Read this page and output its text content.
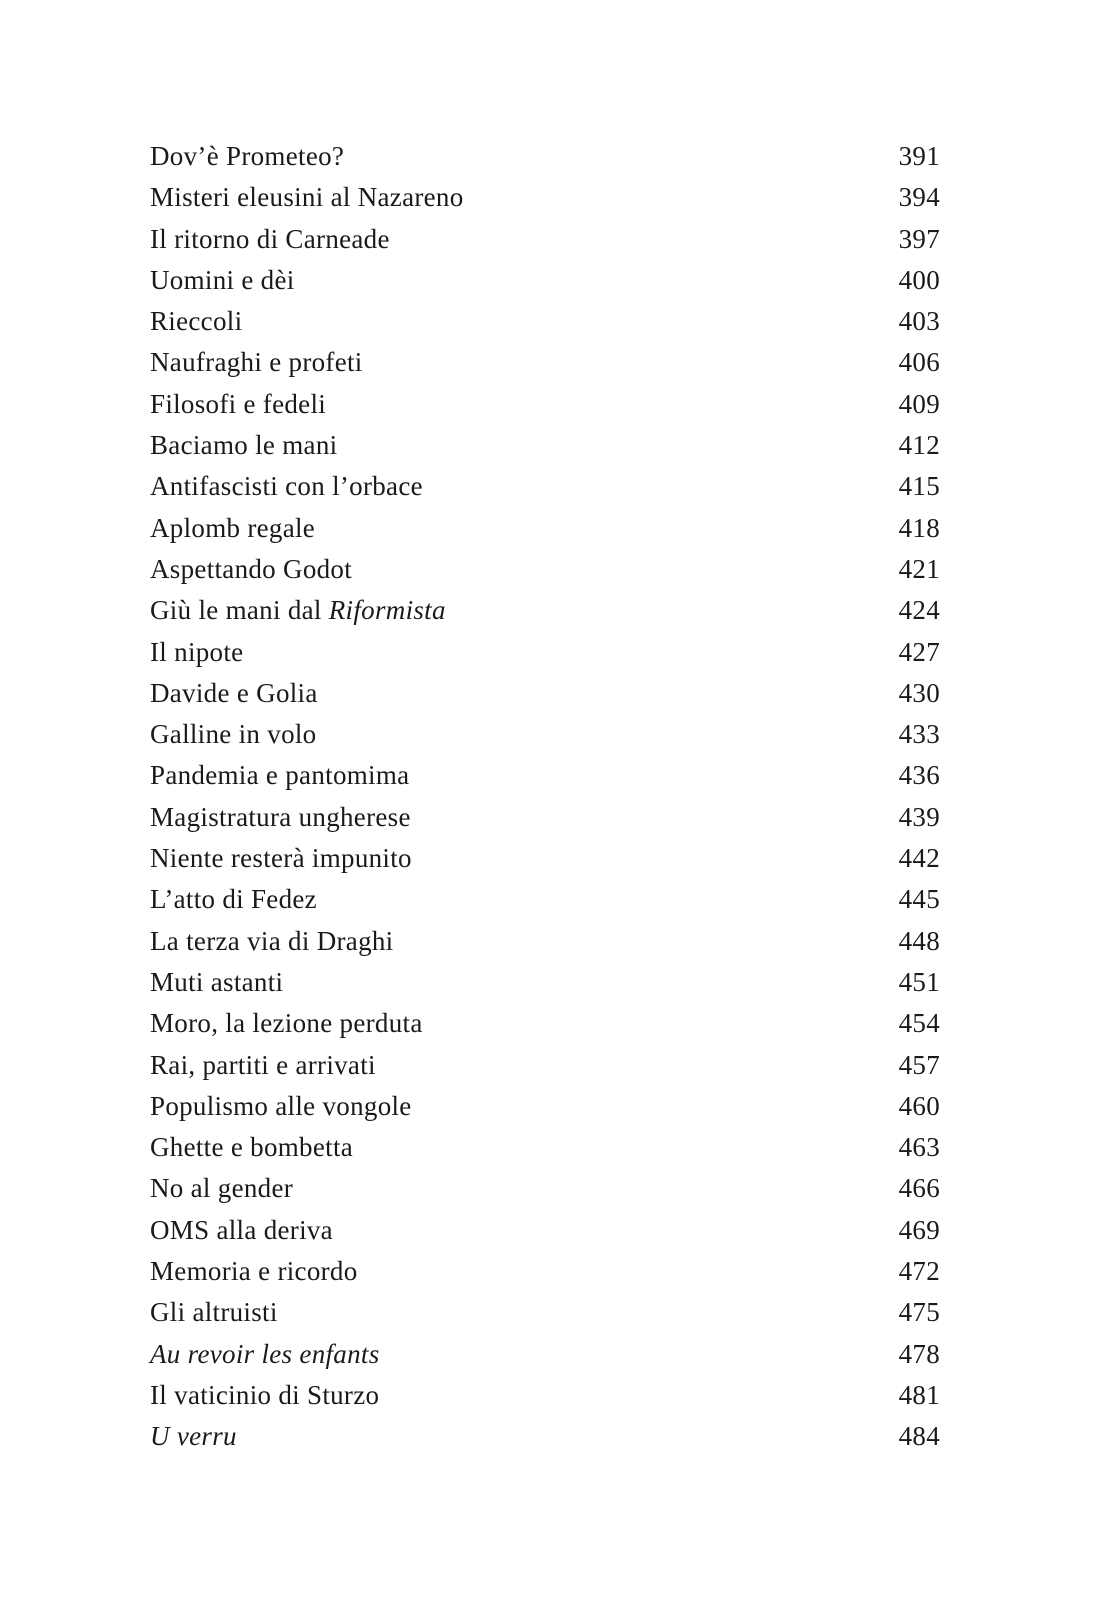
Dov’è Prometeo?	391
Misteri eleusini al Nazareno	394
Il ritorno di Carneade	397
Uomini e dèi	400
Rieccoli	403
Naufraghi e profeti	406
Filosofi e fedeli	409
Baciamo le mani	412
Antifascisti con l’orbace	415
Aplomb regale	418
Aspettando Godot	421
Giù le mani dal Riformista	424
Il nipote	427
Davide e Golia	430
Galline in volo	433
Pandemia e pantomima	436
Magistratura ungherese	439
Niente resterà impunito	442
L’atto di Fedez	445
La terza via di Draghi	448
Muti astanti	451
Moro, la lezione perduta	454
Rai, partiti e arrivati	457
Populismo alle vongole	460
Ghette e bombetta	463
No al gender	466
OMS alla deriva	469
Memoria e ricordo	472
Gli altruisti	475
Au revoir les enfants	478
Il vaticinio di Sturzo	481
U verru	484
